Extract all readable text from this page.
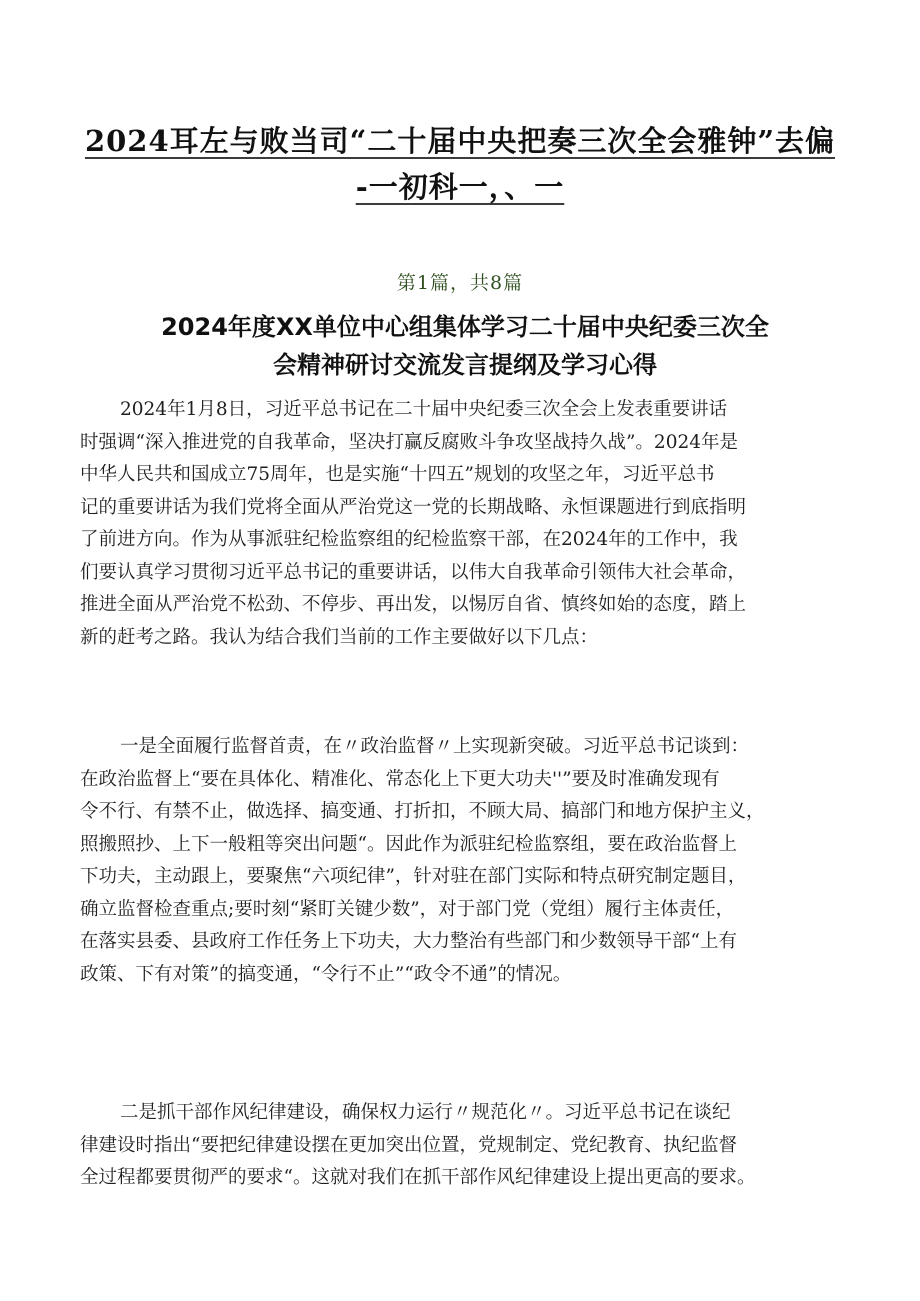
2024耳左与败当司“二十届中央把奏三次全会雅钟”去偏
-一初科一，、一
第1篇，共8篇
2024年度XX单位中心组集体学习二十届中央纪委三次全
会精神研讨交流发言提纲及学习心得
2024年1月8日，习近平总书记在二十届中央纪委三次全会上发表重要讲话
时强调“深入推进党的自我革命，坚决打赢反腐败斗争攻坚战持久战”。2024年是
中华人民共和国成立75周年，也是实施“十四五”规划的攻坚之年，习近平总书
记的重要讲话为我们党将全面从严治党这一党的长期战略、永恒课题进行到底指明
了前进方向。作为从事派驻纪检监察组的纪检监察干部，在2024年的工作中，我
们要认真学习贯彻习近平总书记的重要讲话，以伟大自我革命引领伟大社会革命，
推进全面从严治党不松劲、不停步、再出发，以惕厉自省、慎终如始的态度，踏上
新的赶考之路。我认为结合我们当前的工作主要做好以下几点：
一是全面履行监督首责，在〃政治监督〃上实现新突破。习近平总书记谈到：
在政治监督上“要在具体化、精准化、常态化上下更大功夫''”要及时准确发现有
令不行、有禁不止，做选择、搞变通、打折扣，不顾大局、搞部门和地方保护主义，
照搬照抄、上下一般粗等突出问题“。因此作为派驻纪检监察组，要在政治监督上
下功夫，主动跟上，要聚焦“六项纪律”，针对驻在部门实际和特点研究制定题目，
确立监督检查重点;要时刻“紧盯关键少数”，对于部门党（党组）履行主体责任，
在落实县委、县政府工作任务上下功夫，大力整治有些部门和少数领导干部“上有
政策、下有对策”的搞变通，“令行不止”“政令不通”的情况。
二是抓干部作风纪律建设，确保权力运行〃规范化〃。习近平总书记在谈纪
律建设时指出“要把纪律建设摆在更加突出位置，党规制定、党纪教育、执纪监督
全过程都要贯彻严的要求“。这就对我们在抓干部作风纪律建设上提出更高的要求。
